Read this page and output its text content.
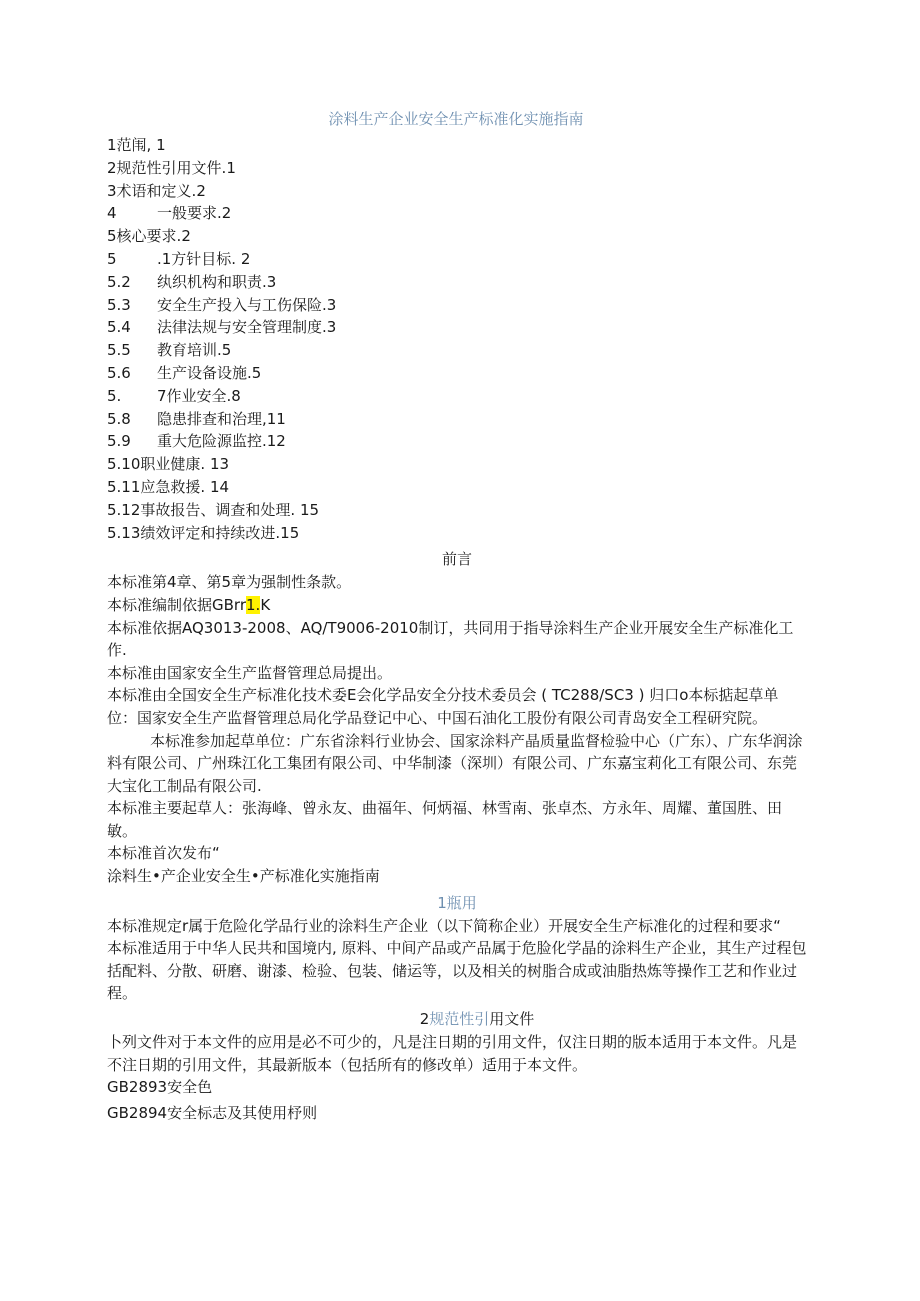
涂料生产企业安全生产标准化实施指南
1范闱, 1
2规范性引用文件.1
3术语和定义.2
4	一般要求.2
5核心要求.2
5	.1方针目标. 2
5.2 纨织机构和职责.3
5.3 安全生产投入与工伤保险.3
5.4 法律法规与安全管理制度.3
5.5 教育培训.5
5.6 生产设备设施.5
5. 7作业安全.8
5.8 隐患排查和治理,11
5.9 重大危险源监控.12
5.10职业健康. 13
5.11应急救援. 14
5.12事故报告、调查和处理. 15
5.13绩效评定和持续改进.15
前言
本标准第4章、第5章为强制性条款。
本标准编制依据GBrr1.K
本标准依据AQ3013-2008、AQ/T9006-2010制订，共同用于指导涂料生产企业开展安全生产标准化工作.
本标准由国家安全生产监督管理总局提出。
本标准由全国安全生产标准化技术委E会化学品安全分技术委员会 ( TC288/SC3 ) 归口o本标掂起草单位：国家安全生产监督管理总局化学品登记中心、中国石油化工股份有限公司青岛安全工程研究院。
本标准参加起草单位：广东省涂料行业协会、国家涂料产晶质量监督检验中心（广东）、广东华润涂料有限公司、广州珠江化工集团有限公司、中华制漆（深圳）有限公司、广东嘉宝莉化工有限公司、东莞大宝化工制品有限公司.
本标准主要起草人：张海峰、曾永友、曲福年、何炳福、林雪南、张卓杰、方永年、周耀、董国胜、田敏。
本标准首次发布“
涂料生•产企业安全生•产标准化实施指南
1瓶用
本标准规定r属于危险化学品行业的涂料生产企业（以下简称企业）开展安全生产标准化的过程和要求“
本标准适用于中华人民共和国境内, 原料、中间产品或产品属于危脸化学晶的涂料生产企业，其生产过程包括配料、分散、研磨、谢漆、检验、包装、储运等，以及相关的树脂合成或油脂热炼等操作工艺和作业过程。
2规范性引用文件
卜列文件对于本文件的应用是必不可少的，凡是注日期的引用文件，仅注日期的版本适用于本文件。凡是不注日期的引用文件，其最新版本（包括所有的修改单）适用于本文件。
GB2893安全色
GB2894安全标志及其使用杼则
